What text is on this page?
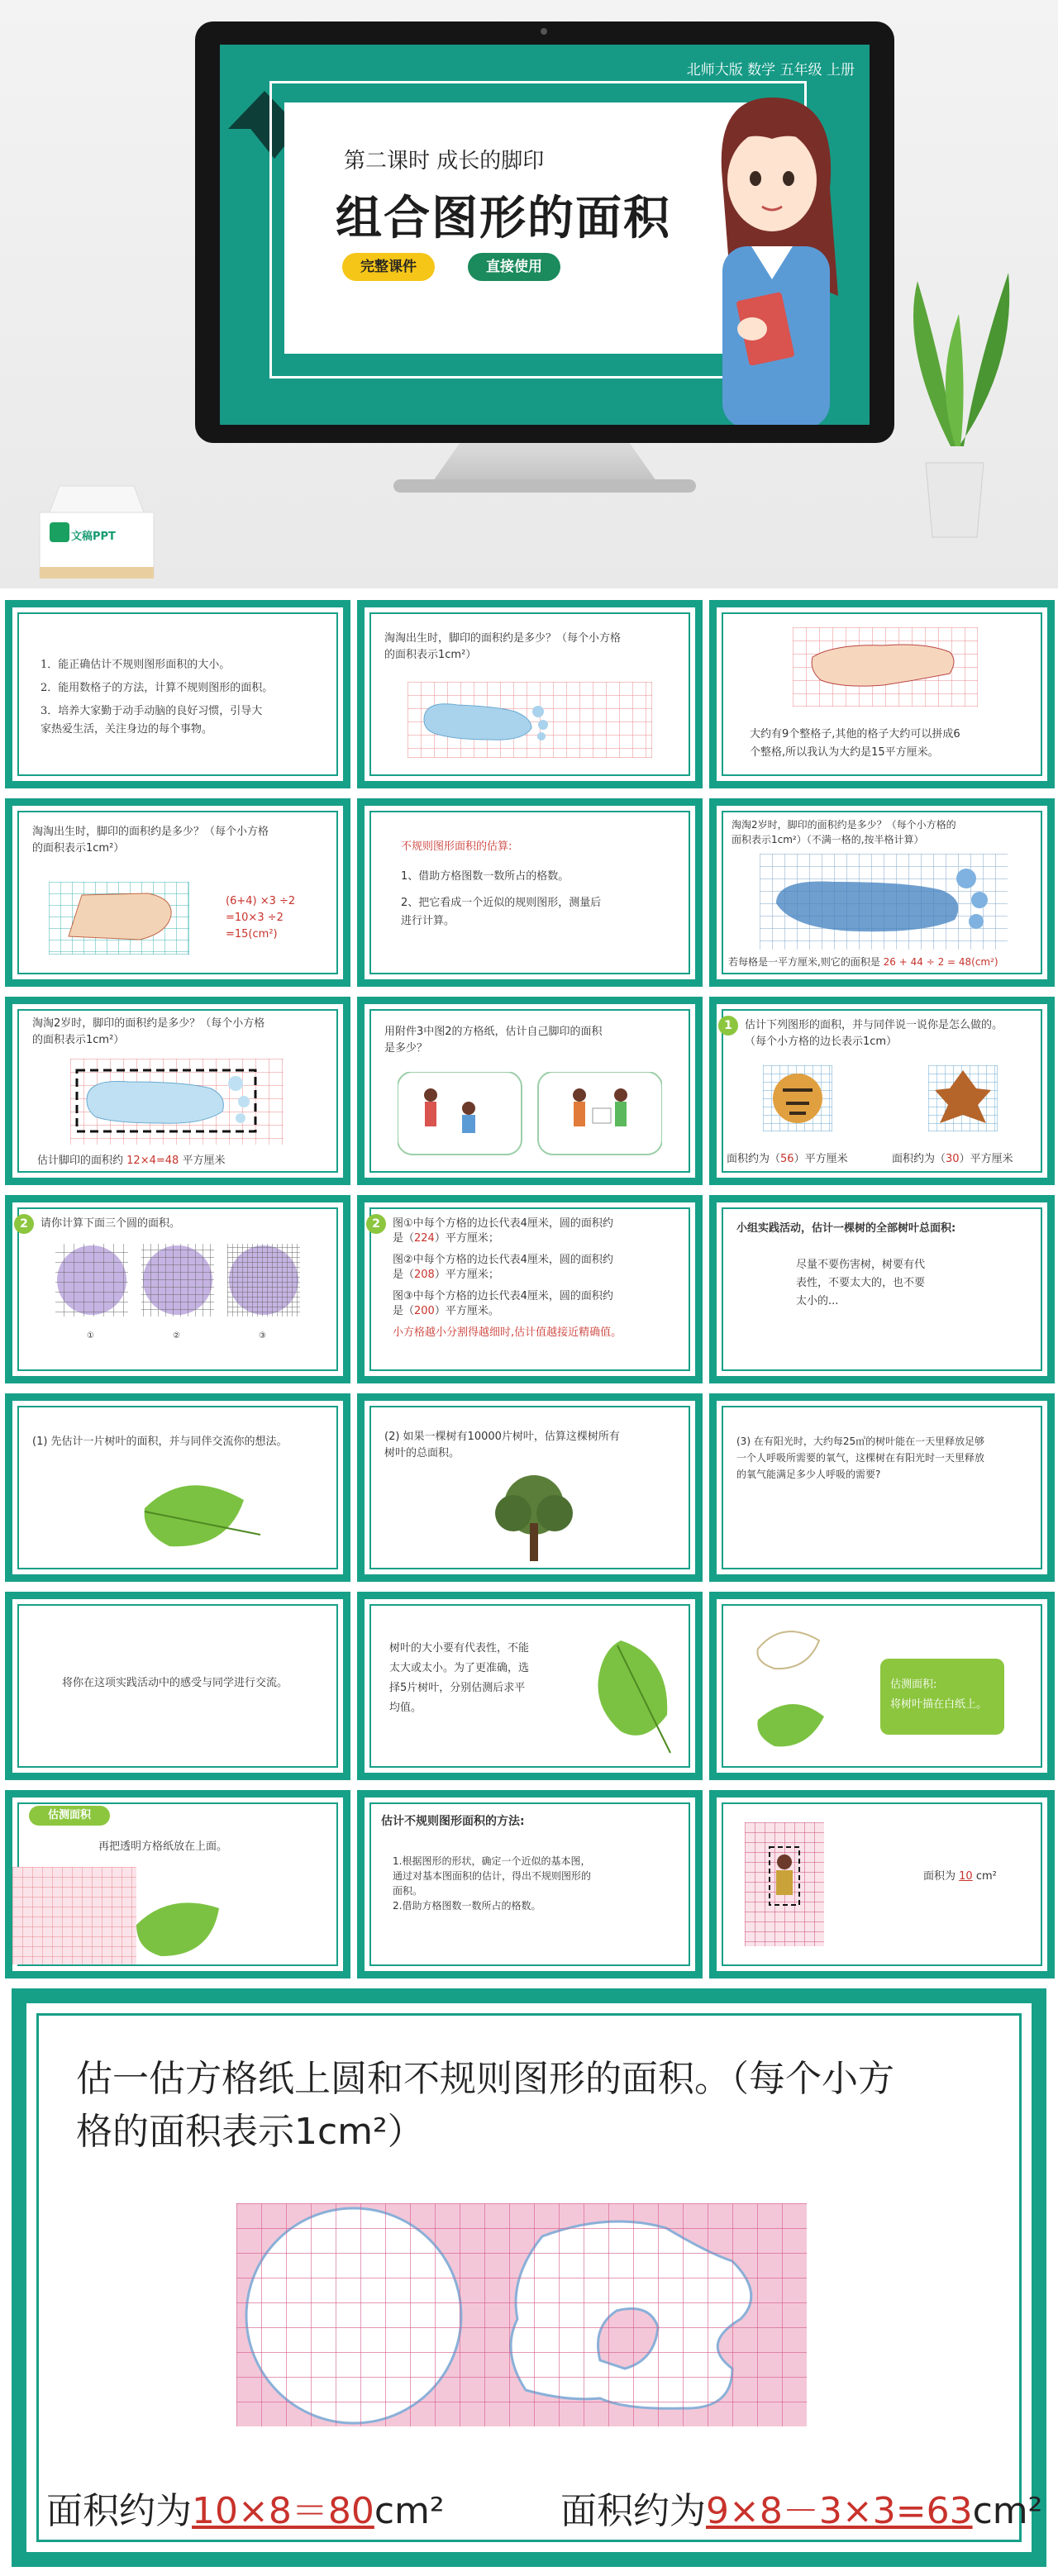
北师大版 数学 五年级 上册
第二课时 成长的脚印
组合图形的面积
完整课件	直接使用
文稿PPT
1．能正确估计不规则图形面积的大小。
2．能用数格子的方法，计算不规则图形的面积。
3．培养大家勤于动手动脑的良好习惯，引导大
家热爱生活，关注身边的每个事物。
淘淘出生时，脚印的面积约是多少？（每个小方格
的面积表示1cm²）
大约有9个整格子,其他的格子大约可以拼成6
个整格,所以我认为大约是15平方厘米。
淘淘出生时，脚印的面积约是多少？（每个小方格
的面积表示1cm²）
(6+4) ×3 ÷2
=10×3 ÷2
=15(cm²)
不规则图形面积的估算:
1、借助方格图数一数所占的格数。
2、把它看成一个近似的规则图形，测量后
进行计算。
淘淘2岁时，脚印的面积约是多少？（每个小方格的
面积表示1cm²）（不满一格的,按半格计算）
若每格是一平方厘米,则它的面积是 26 + 44 ÷ 2 = 48(cm²)
淘淘2岁时，脚印的面积约是多少？（每个小方格
的面积表示1cm²）
估计脚印的面积约 12×4=48 平方厘米
用附件3中图2的方格纸，估计自己脚印的面积
是多少？
1	估计下列图形的面积，并与同伴说一说你是怎么做的。
（每个小方格的边长表示1cm）
面积约为（56）平方厘米	面积约为（30）平方厘米
2	请你计算下面三个圆的面积。
①	②	③
2	图①中每个方格的边长代表4厘米，圆的面积约
是（224）平方厘米；
图②中每个方格的边长代表4厘米，圆的面积约
是（208）平方厘米；
图③中每个方格的边长代表4厘米，圆的面积约
是（200）平方厘米。
小方格越小分割得越细时,估计值越接近精确值。
小组实践活动，估计一棵树的全部树叶总面积:
尽量不要伤害树，树要有代
表性，不要太大的，也不要
太小的...
(1) 先估计一片树叶的面积，并与同伴交流你的想法。	(2) 如果一棵树有10000片树叶，估算这棵树所有
树叶的总面积。
(3) 在有阳光时，大约每25㎡的树叶能在一天里释放足够
一个人呼吸所需要的氧气，这棵树在有阳光时一天里释放
的氧气能满足多少人呼吸的需要?
将你在这项实践活动中的感受与同学进行交流。
树叶的大小要有代表性，不能
太大或太小。为了更准确，选
择5片树叶，分别估测后求平
均值。
估测面积:
将树叶描在白纸上。
估测面积
再把透明方格纸放在上面。
估计不规则图形面积的方法:
1.根据图形的形状，确定一个近似的基本图，
通过对基本图面积的估计，得出不规则图形的
面积。
2.借助方格图数一数所占的格数。
面积为 10 cm²
估一估方格纸上圆和不规则图形的面积。（每个小方
格的面积表示1cm²）
面积约为10×8＝80cm²	面积约为9×8－3×3=63cm²
